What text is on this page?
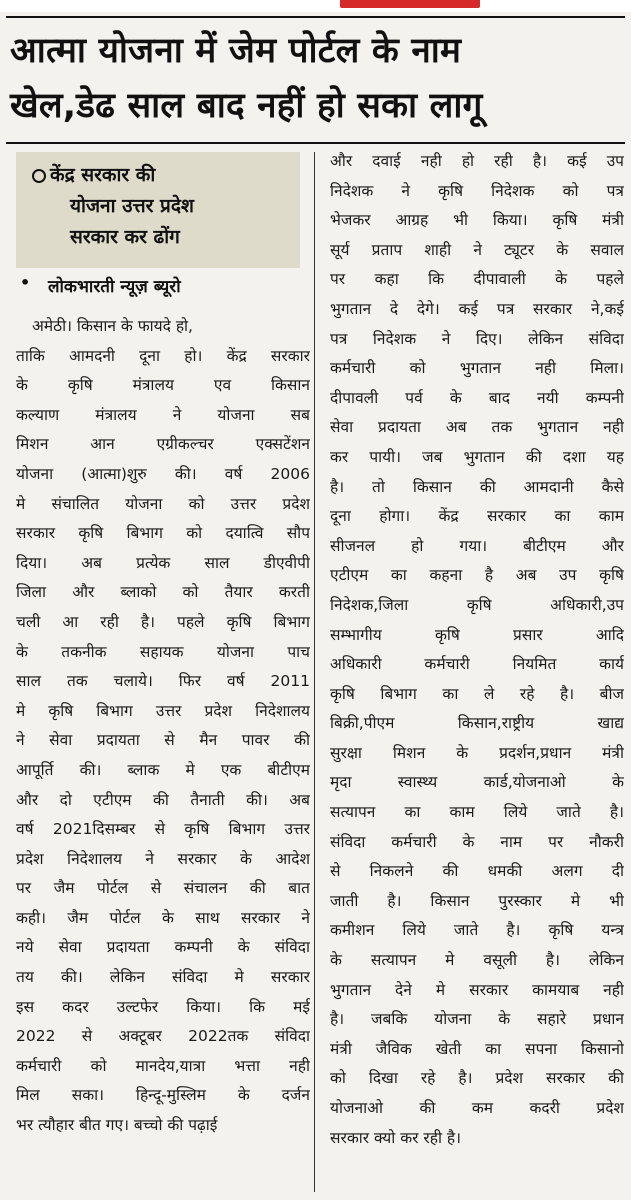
आत्मा योजना में जेम पोर्टल के नाम
खेल,डेढ साल बाद नहीं हो सका लागू
केंद्र सरकार की
योजना उत्तर प्रदेश
सरकार कर ढोंग
• लोकभारती न्यूज़ ब्यूरो
अमेठी। किसान के फायदे हो,
ताकि आमदनी दूना हो। केंद्र सरकार
के कृषि मंत्रालय एव किसान
कल्याण मंत्रालय ने योजना सब
मिशन आन एग्रीकल्चर एक्सटेंशन
योजना (आत्मा)शुरु की। वर्ष 2006
मे संचालित योजना को उत्तर प्रदेश
सरकार कृषि बिभाग को दयात्वि सौप
दिया। अब प्रत्येक साल डीएवीपी
जिला और ब्लाको को तैयार करती
चली आ रही है। पहले कृषि बिभाग
के तकनीक सहायक योजना पाच
साल तक चलाये। फिर वर्ष 2011
मे कृषि बिभाग उत्तर प्रदेश निदेशालय
ने सेवा प्रदायता से मैन पावर की
आपूर्ति की। ब्लाक मे एक बीटीएम
और दो एटीएम की तैनाती की। अब
वर्ष 2021दिसम्बर से कृषि बिभाग उत्तर
प्रदेश निदेशालय ने सरकार के आदेश
पर जैम पोर्टल से संचालन की बात
कही। जैम पोर्टल के साथ सरकार ने
नये सेवा प्रदायता कम्पनी के संविदा
तय की। लेकिन संविदा मे सरकार
इस कदर उल्टफेर किया। कि मई
2022 से अक्टूबर 2022तक संविदा
कर्मचारी को मानदेय,यात्रा भत्ता नही
मिल सका। हिन्दू-मुस्लिम के दर्जन
भर त्यौहार बीत गए। बच्चो की पढ़ाई
और दवाई नही हो रही है। कई उप
निदेशक ने कृषि निदेशक को पत्र
भेजकर आग्रह भी किया। कृषि मंत्री
सूर्य प्रताप शाही ने ट्यूटर के सवाल
पर कहा कि दीपावाली के पहले
भुगतान दे देगे। कई पत्र सरकार ने,कई
पत्र निदेशक ने दिए। लेकिन संविदा
कर्मचारी को भुगतान नही मिला।
दीपावली पर्व के बाद नयी कम्पनी
सेवा प्रदायता अब तक भुगतान नही
कर पायी। जब भुगतान की दशा यह
है। तो किसान की आमदानी कैसे
दूना होगा। केंद्र सरकार का काम
सीजनल हो गया। बीटीएम और
एटीएम का कहना है अब उप कृषि
निदेशक,जिला कृषि अधिकारी,उप
सम्भागीय कृषि प्रसार आदि
अधिकारी कर्मचारी नियमित कार्य
कृषि बिभाग का ले रहे है। बीज
बिक्री,पीएम किसान,राष्ट्रीय खाद्य
सुरक्षा मिशन के प्रदर्शन,प्रधान मंत्री
मृदा स्वास्थ्य कार्ड,योजनाओ के
सत्यापन का काम लिये जाते है।
संविदा कर्मचारी के नाम पर नौकरी
से निकलने की धमकी अलग दी
जाती है। किसान पुरस्कार मे भी
कमीशन लिये जाते है। कृषि यन्त्र
के सत्यापन मे वसूली है। लेकिन
भुगतान देने मे सरकार कामयाब नही
है। जबकि योजना के सहारे प्रधान
मंत्री जैविक खेती का सपना किसानो
को दिखा रहे है। प्रदेश सरकार की
योजनाओ की कम कदरी प्रदेश
सरकार क्यो कर रही है।
